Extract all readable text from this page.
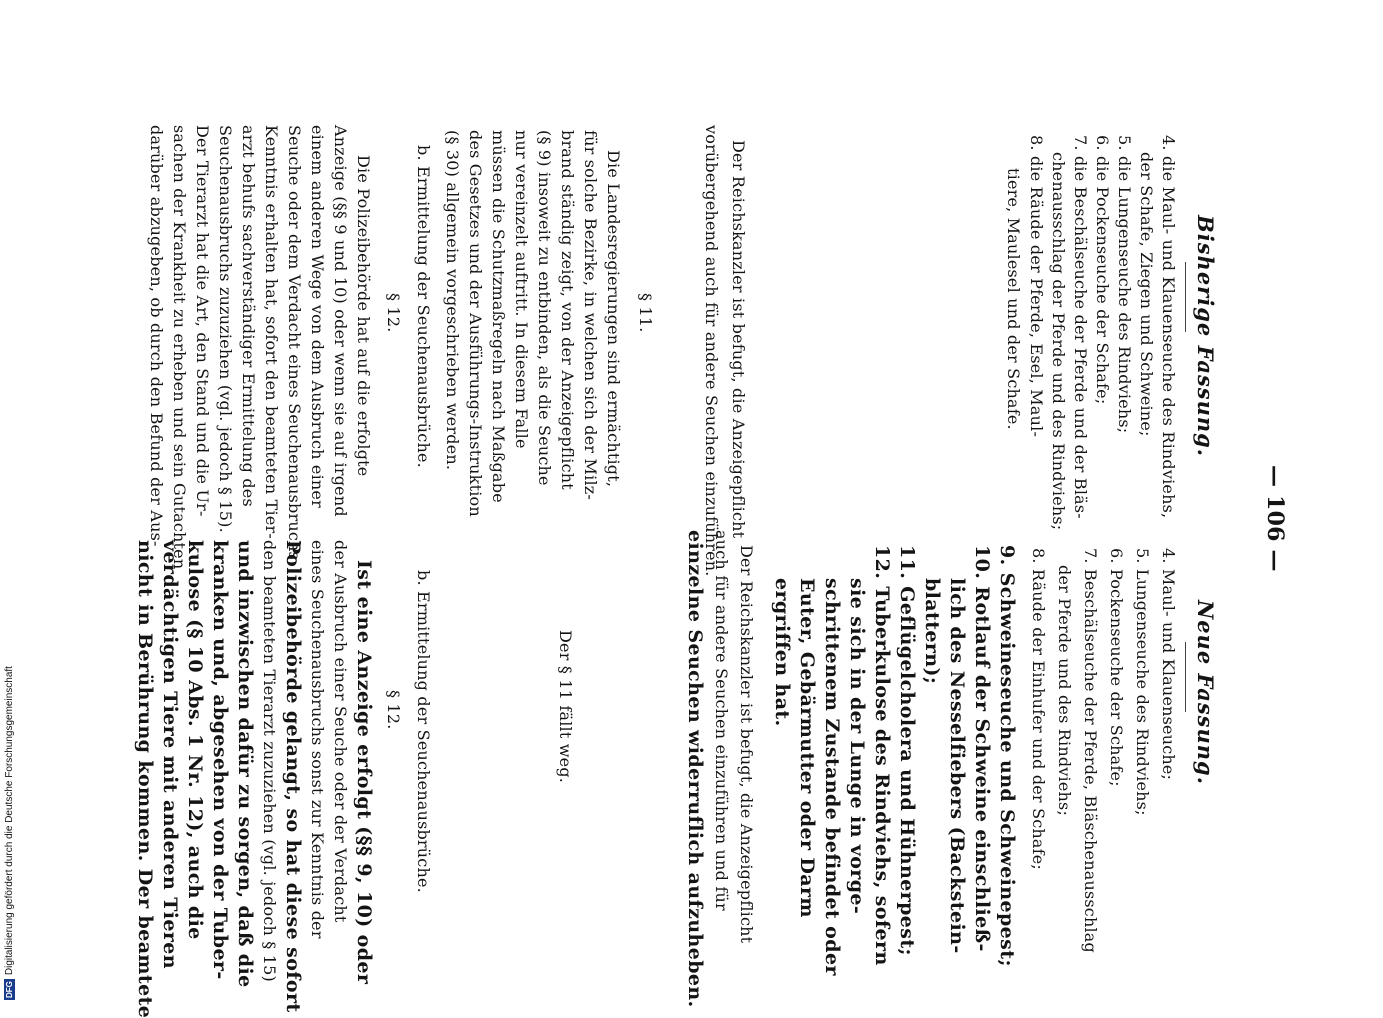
— 106 —
Bisherige Fassung.
Neue Fassung.
4. die Maul- und Klauenseuche des Rindviehs,
der Schafe, Ziegen und Schweine;
5. die Lungenseuche des Rindviehs;
6. die Pockenseuche der Schafe;
7. die Beschälseuche der Pferde und der Bläs-
chenausschlag der Pferde und des Rindviehs;
8. die Räude der Pferde, Esel, Maul-
tiere, Maulesel und der Schafe.
Der Reichskanzler ist befugt, die Anzeigepflicht
vorübergehend auch für andere Seuchen einzuführen.
§ 11.
Die Landesregierungen sind ermächtigt,
für solche Bezirke, in welchen sich der Milz-
brand ständig zeigt, von der Anzeigepflicht
(§ 9) insoweit zu entbinden, als die Seuche
nur vereinzelt auftritt. In diesem Falle
müssen die Schutzmaßregeln nach Maßgabe
des Gesetzes und der Ausführungs-Instruktion
(§ 30) allgemein vorgeschrieben werden.
b. Ermittelung der Seuchenausbrüche.
§ 12.
Die Polizeibehörde hat auf die erfolgte
Anzeige (§§ 9 und 10) oder wenn sie auf irgend
einem anderen Wege von dem Ausbruch einer
Seuche oder dem Verdacht eines Seuchenausbruchs
Kenntnis erhalten hat, sofort den beamteten Tier-
arzt behufs sachverständiger Ermittelung des
Seuchenausbruchs zuzuziehen (vgl. jedoch § 15).
Der Tierarzt hat die Art, den Stand und die Ur-
sachen der Krankheit zu erheben und sein Gutachten
darüber abzugeben, ob durch den Befund der Aus-
4. Maul- und Klauenseuche;
5. Lungenseuche des Rindviehs;
6. Pockenseuche der Schafe;
7. Beschälseuche der Pferde, Bläschenausschlag
der Pferde und des Rindviehs;
8. Räude der Einhufer und der Schafe;
9. Schweineseuche und Schweinepest;
10. Rotlauf der Schweine einschließ-
lich des Nesselfiebers (Backstein-
blattern);
11. Geflügelcholera und Hühnerpest;
12. Tuberkulose des Rindviehs, sofern
sie sich in der Lunge in vorge-
schrittenem Zustande befindet oder
Euter, Gebärmutter oder Darm
ergriffen hat.
Der Reichskanzler ist befugt, die Anzeigepflicht
auch für andere Seuchen einzuführen und für
einzelne Seuchen widerruflich aufzuheben.
Der § 11 fällt weg.
b. Ermittelung der Seuchenausbrüche.
§ 12.
Ist eine Anzeige erfolgt (§§ 9, 10) oder
der Ausbruch einer Seuche oder der Verdacht
eines Seuchenausbruchs sonst zur Kenntnis der
Polizeibehörde gelangt, so hat diese sofort
den beamteten Tierarzt zuzuziehen (vgl. jedoch § 15)
und inzwischen dafür zu sorgen, daß die
kranken und, abgesehen von der Tuber-
kulose (§ 10 Abs. 1 Nr. 12), auch die
verdächtigen Tiere mit anderen Tieren
nicht in Berührung kommen. Der beamtete
DFG
Digitalisierung gefördert durch die Deutsche Forschungsgemeinschaft
